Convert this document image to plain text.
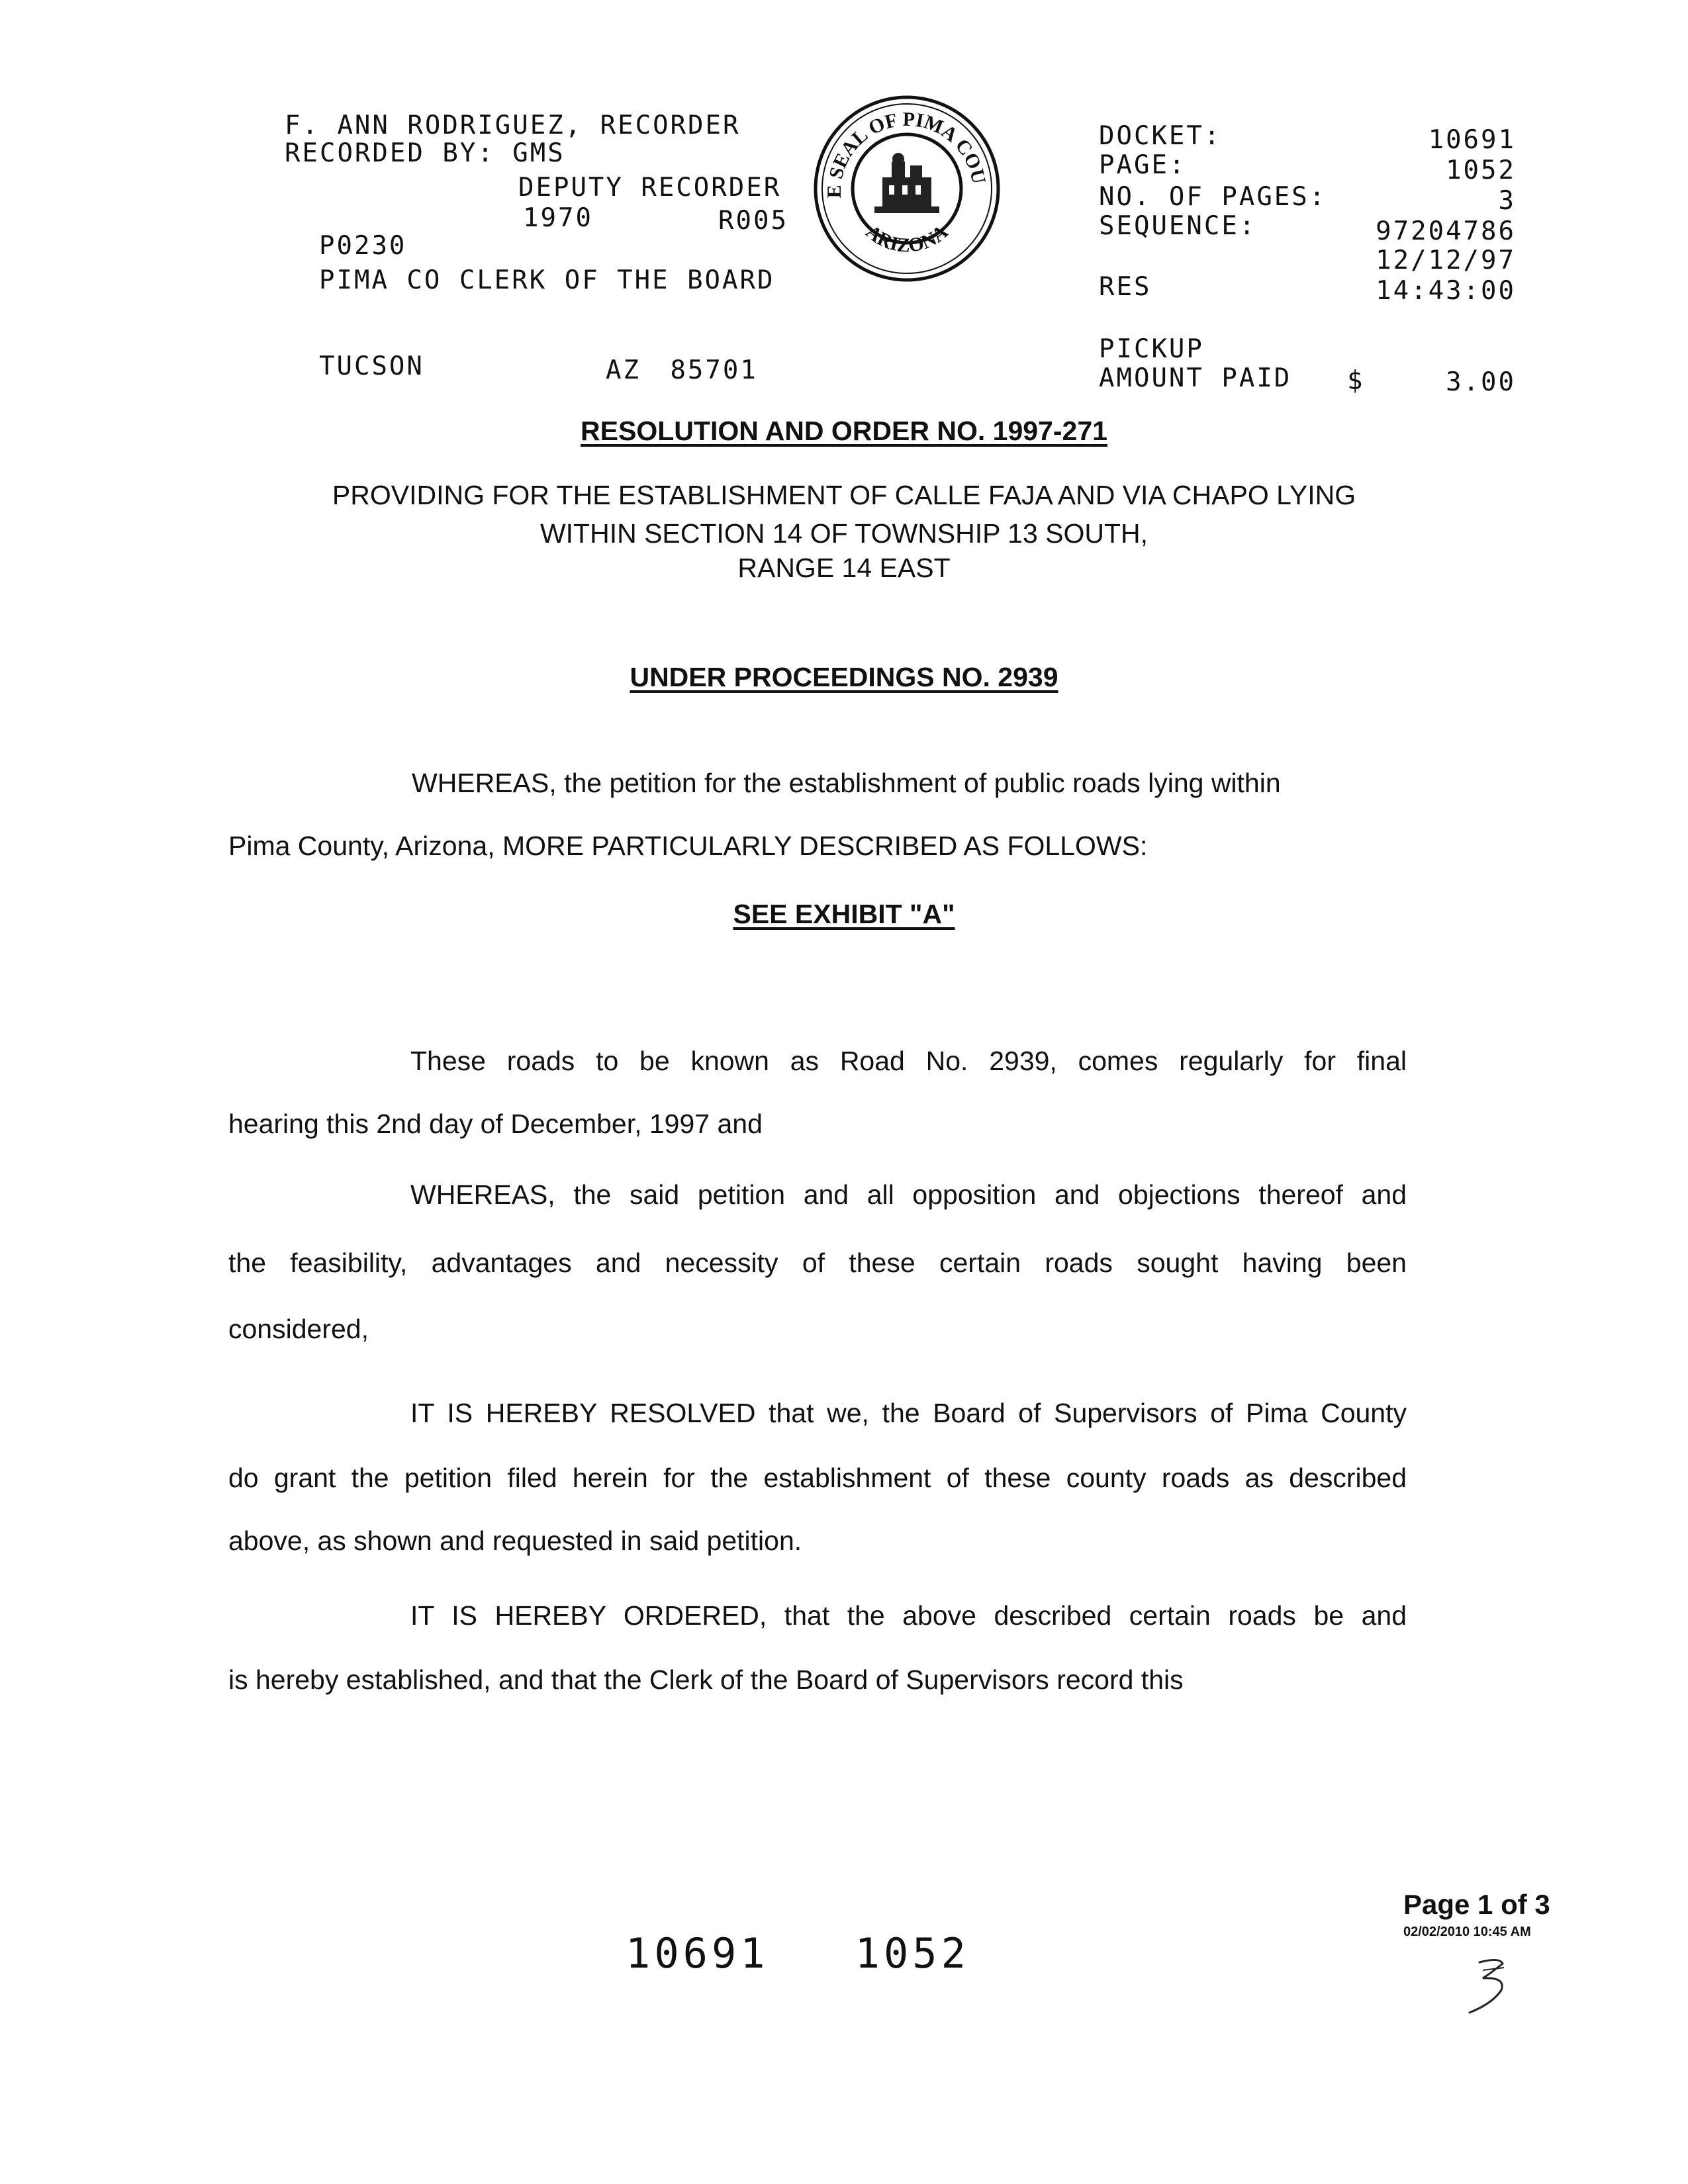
F. ANN RODRIGUEZ, RECORDER
RECORDED BY: GMS
DEPUTY RECORDER
1970	R005
P0230
PIMA CO CLERK OF THE BOARD
TUCSON	AZ 85701
E SEAL OF PIMA COU
ARIZONA
DOCKET:	10691
PAGE:	1052
NO. OF PAGES:	3
SEQUENCE:	97204786
12/12/97
RES	14:43:00
PICKUP
AMOUNT PAID $	3.00
RESOLUTION AND ORDER NO. 1997-271
PROVIDING FOR THE ESTABLISHMENT OF CALLE FAJA AND VIA CHAPO LYING
WITHIN SECTION 14 OF TOWNSHIP 13 SOUTH,
RANGE 14 EAST
UNDER PROCEEDINGS NO. 2939
WHEREAS, the petition for the establishment of public roads lying within
Pima County, Arizona, MORE PARTICULARLY DESCRIBED AS FOLLOWS:
SEE EXHIBIT "A"
These roads to be known as Road No. 2939, comes regularly for final
hearing this 2nd day of December, 1997 and
WHEREAS, the said petition and all opposition and objections thereof and
the feasibility, advantages and necessity of these certain roads sought having been
considered,
IT IS HEREBY RESOLVED that we, the Board of Supervisors of Pima County
do grant the petition filed herein for the establishment of these county roads as described
above, as shown and requested in said petition.
IT IS HEREBY ORDERED, that the above described certain roads be and
is hereby established, and that the Clerk of the Board of Supervisors record this
Page 1 of 3
02/02/2010 10:45 AM
10691   1052
